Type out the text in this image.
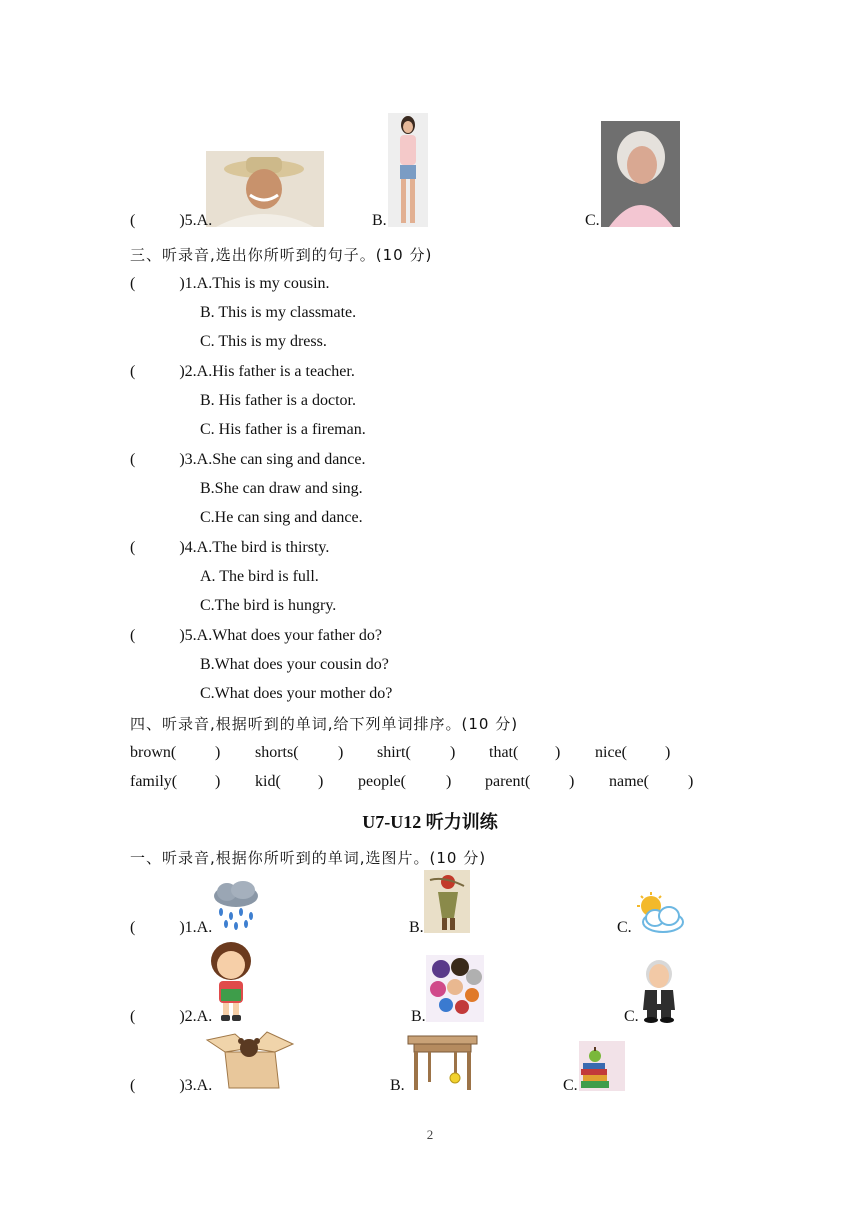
(	)5.A.	B.	C.
三、听录音,选出你所听到的句子。(10 分)
(	)1.A.This is my cousin.
B. This is my classmate.
C. This is my dress.
(	)2.A.His father is a teacher.
B. His father is a doctor.
C. His father is a fireman.
(	)3.A.She can sing and dance.
B.She can draw and sing.
C.He can sing and dance.
(	)4.A.The bird is thirsty.
A. The bird is full.
C.The bird is hungry.
(	)5.A.What does your father do?
B.What does your cousin do?
C.What does your mother do?
四、听录音,根据听到的单词,给下列单词排序。(10 分)
brown( ) shorts( ) shirt( ) that( ) nice( )
family( ) kid( ) people(	) parent( ) name( )
U7-U12 听力训练
一、听录音,根据你所听到的单词,选图片。(10 分)
(	)1.A.	B.	C.
(	)2.A.	B.	C.
(	)3.A.	B.	C.
2
